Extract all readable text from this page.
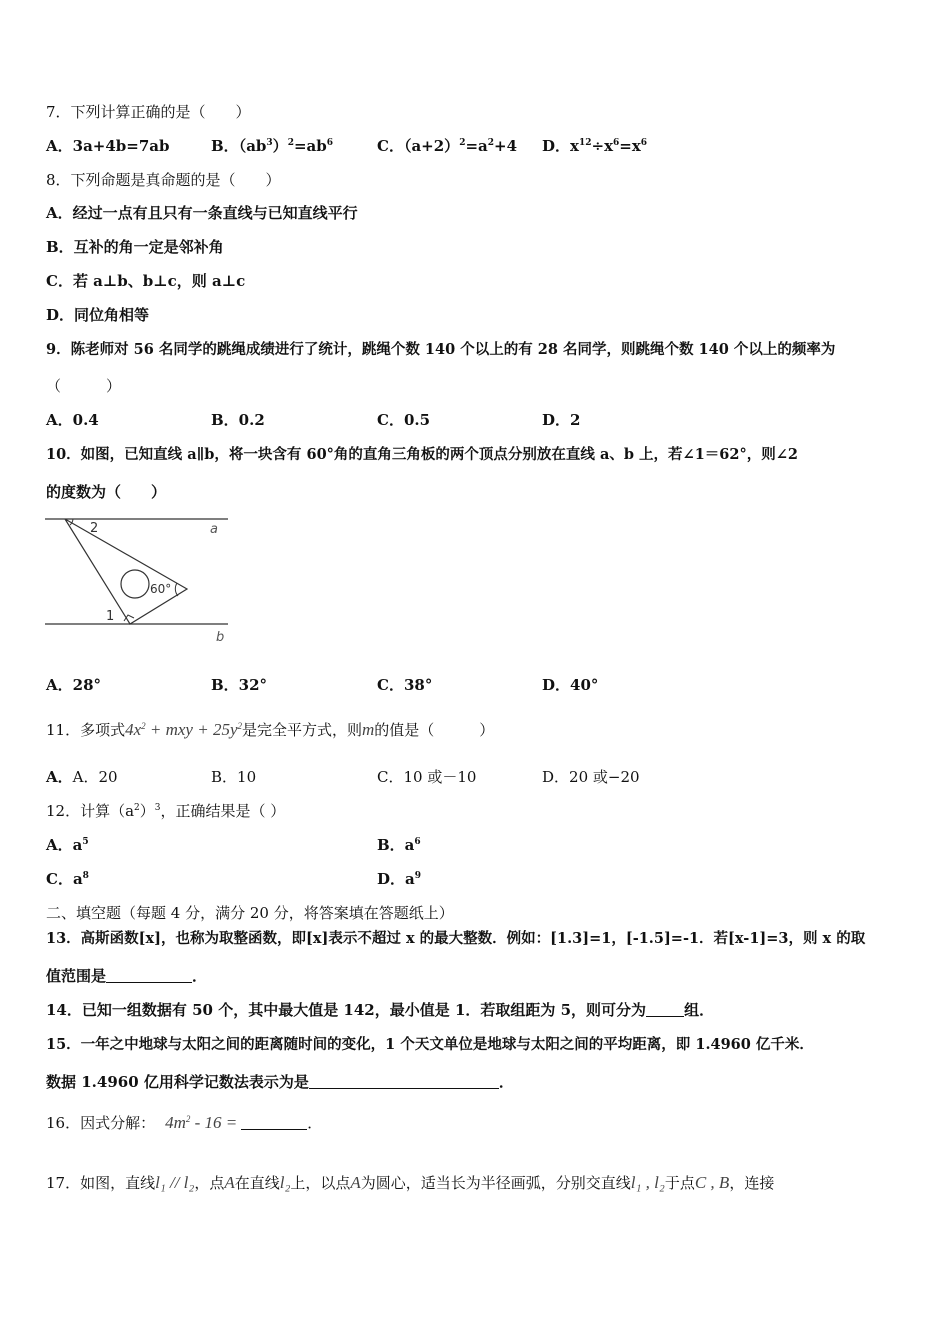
7．下列计算正确的是（　　）
A．3a+4b=7ab	B．$(ab^3)^2=ab^6$	C．$(a+2)^2=a^2+4$ D．$x^{12}\div x^6=x^6$
8．下列命题是真命题的是（　　）
A．经过一点有且只有一条直线与已知直线平行
B．互补的角一定是邻补角
C．若 a⊥b、b⊥c，则 a⊥c
D．同位角相等
9．陈老师对 56 名同学的跳绳成绩进行了统计，跳绳个数 140 个以上的有 28 名同学，则跳绳个数 140 个以上的频率为
（　　　）
A．0.4	B．0.2	C．0.5	D．2
10．如图，已知直线 a∥b，将一块含有 60°角的直角三角板的两个顶点分别放在直线 a、b 上，若∠1＝62°，则∠2
的度数为（　　）
2	a
60°
1
b
A．28°	B．32°	C．38°	D．40°
11．多项式$4x^2$ + mxy + $25y^2$是完全平方式，则m的值是（　　　）
A．A．20	B．10	C．10 或－10	D．20 或−20
12．计算$(a^2)^3$，正确结果是（ ）
A．$a^5$	B．$a^6$
C．$a^8$	D．$a^9$
二、填空题（每题 4 分，满分 20 分，将答案填在答题纸上）
13．高斯函数[x]，也称为取整函数，即[x]表示不超过 x 的最大整数．例如：[1.3]=1，[-1.5]=-1．若[x-1]=3，则 x 的取
值范围是	．
14．已知一组数据有 50 个，其中最大值是 142，最小值是 1．若取组距为 5，则可分为	组．
15．一年之中地球与太阳之间的距离随时间的变化，1 个天文单位是地球与太阳之间的平均距离，即 1.4960 亿千米．
数据 1.4960 亿用科学记数法表示为是	．
16．因式分解： $4m^2 - 16$ =	．
17．如图，直线l₁ // l₂，点A在直线l₂上，以点A为圆心，适当长为半径画弧，分别交直线l₁ , l₂于点C , B，连接
